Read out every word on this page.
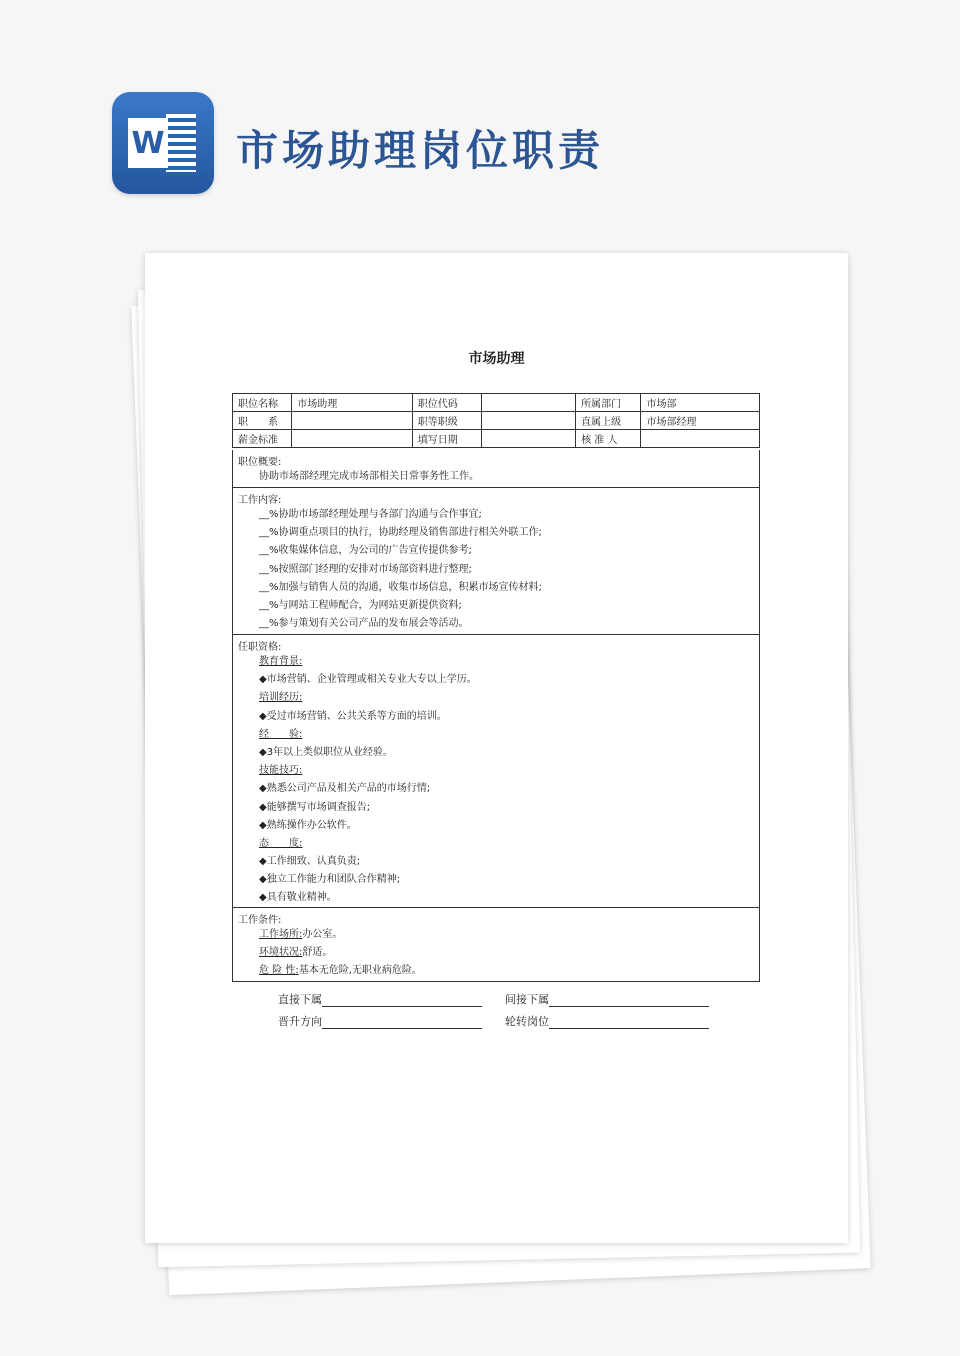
W 市场助理岗位职责
市场助理
职位名称	市场助理	职位代码		所属部门	市场部
职　　系		职等职级		直属上级	市场部经理
薪金标准		填写日期		核 准 人	
职位概要:
协助市场部经理完成市场部相关日常事务性工作。
工作内容:
__%协助市场部经理处理与各部门沟通与合作事宜;
__%协调重点项目的执行，协助经理及销售部进行相关外联工作;
__%收集媒体信息，为公司的广告宣传提供参考;
__%按照部门经理的安排对市场部资料进行整理;
__%加强与销售人员的沟通，收集市场信息，积累市场宣传材料;
__%与网站工程师配合，为网站更新提供资料;
__%参与策划有关公司产品的发布展会等活动。
任职资格:
教育背景:
◆市场营销、企业管理或相关专业大专以上学历。
培训经历:
◆受过市场营销、公共关系等方面的培训。
经　　验:
◆3年以上类似职位从业经验。
技能技巧:
◆熟悉公司产品及相关产品的市场行情;
◆能够撰写市场调查报告;
◆熟练操作办公软件。
态　　度:
◆工作细致、认真负责;
◆独立工作能力和团队合作精神;
◆具有敬业精神。
工作条件:
工作场所:办公室。
环境状况:舒适。
危 险 性:基本无危险,无职业病危险。
直接下属	间接下属
晋升方向	轮转岗位
